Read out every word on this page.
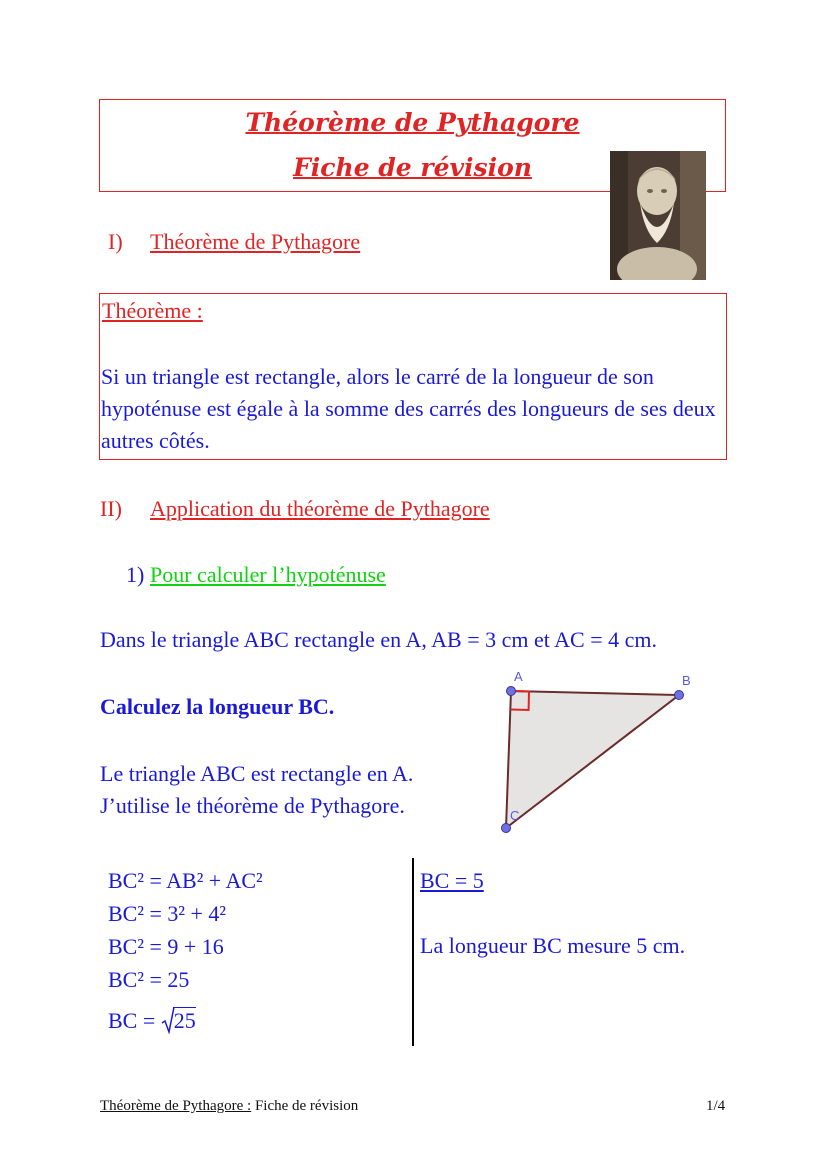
Théorème de Pythagore
Fiche de révision
I) Théorème de Pythagore
Théorème :
Si un triangle est rectangle, alors le carré de la longueur de son hypoténuse est égale à la somme des carrés des longueurs de ses deux autres côtés.
II) Application du théorème de Pythagore
1) Pour calculer l’hypoténuse
Dans le triangle ABC rectangle en A, AB = 3 cm et AC = 4 cm.
Calculez la longueur BC.
Le triangle ABC est rectangle en A.
J’utilise le théorème de Pythagore.
A	B
C
BC² = AB² + AC²
BC² = 3² + 4²
BC² = 9 + 16
BC² = 25
BC =
25
BC = 5
La longueur BC mesure 5 cm.
Théorème de Pythagore : Fiche de révision	1/4
